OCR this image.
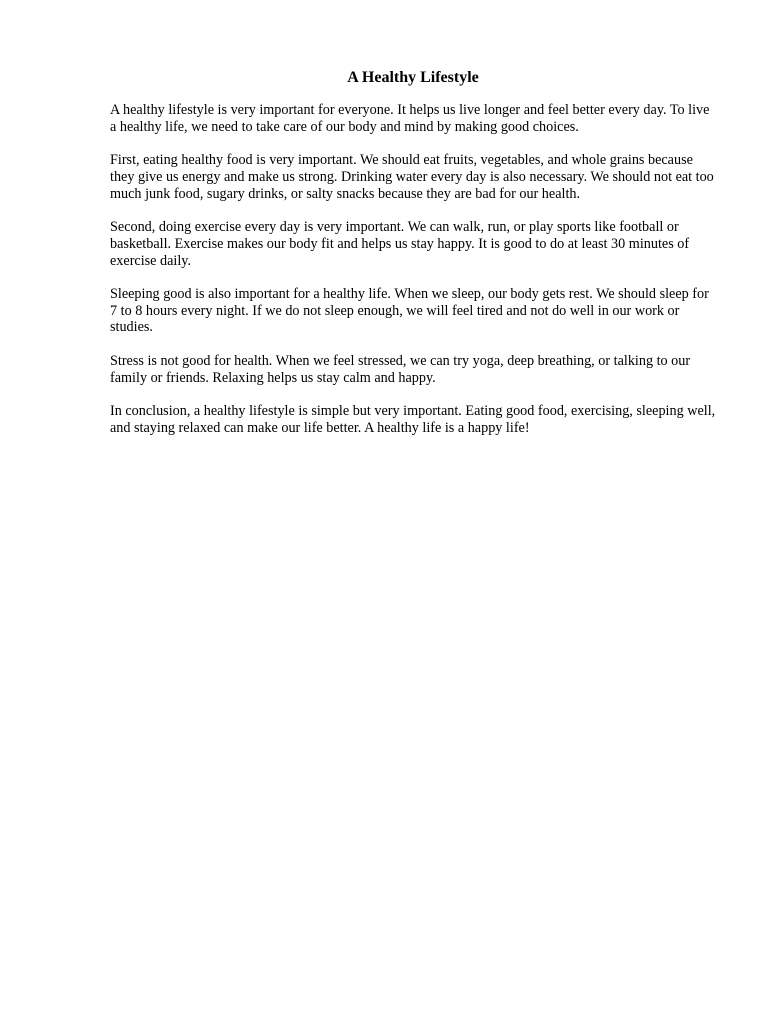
A Healthy Lifestyle

A healthy lifestyle is very important for everyone. It helps us live longer and feel better every day. To live a healthy life, we need to take care of our body and mind by making good choices.

First, eating healthy food is very important. We should eat fruits, vegetables, and whole grains because they give us energy and make us strong. Drinking water every day is also necessary. We should not eat too much junk food, sugary drinks, or salty snacks because they are bad for our health.

Second, doing exercise every day is very important. We can walk, run, or play sports like football or basketball. Exercise makes our body fit and helps us stay happy. It is good to do at least 30 minutes of exercise daily.

Sleeping good is also important for a healthy life. When we sleep, our body gets rest. We should sleep for 7 to 8 hours every night. If we do not sleep enough, we will feel tired and not do well in our work or studies.

Stress is not good for health. When we feel stressed, we can try yoga, deep breathing, or talking to our family or friends. Relaxing helps us stay calm and happy.

In conclusion, a healthy lifestyle is simple but very important. Eating good food, exercising, sleeping well, and staying relaxed can make our life better. A healthy life is a happy life!
